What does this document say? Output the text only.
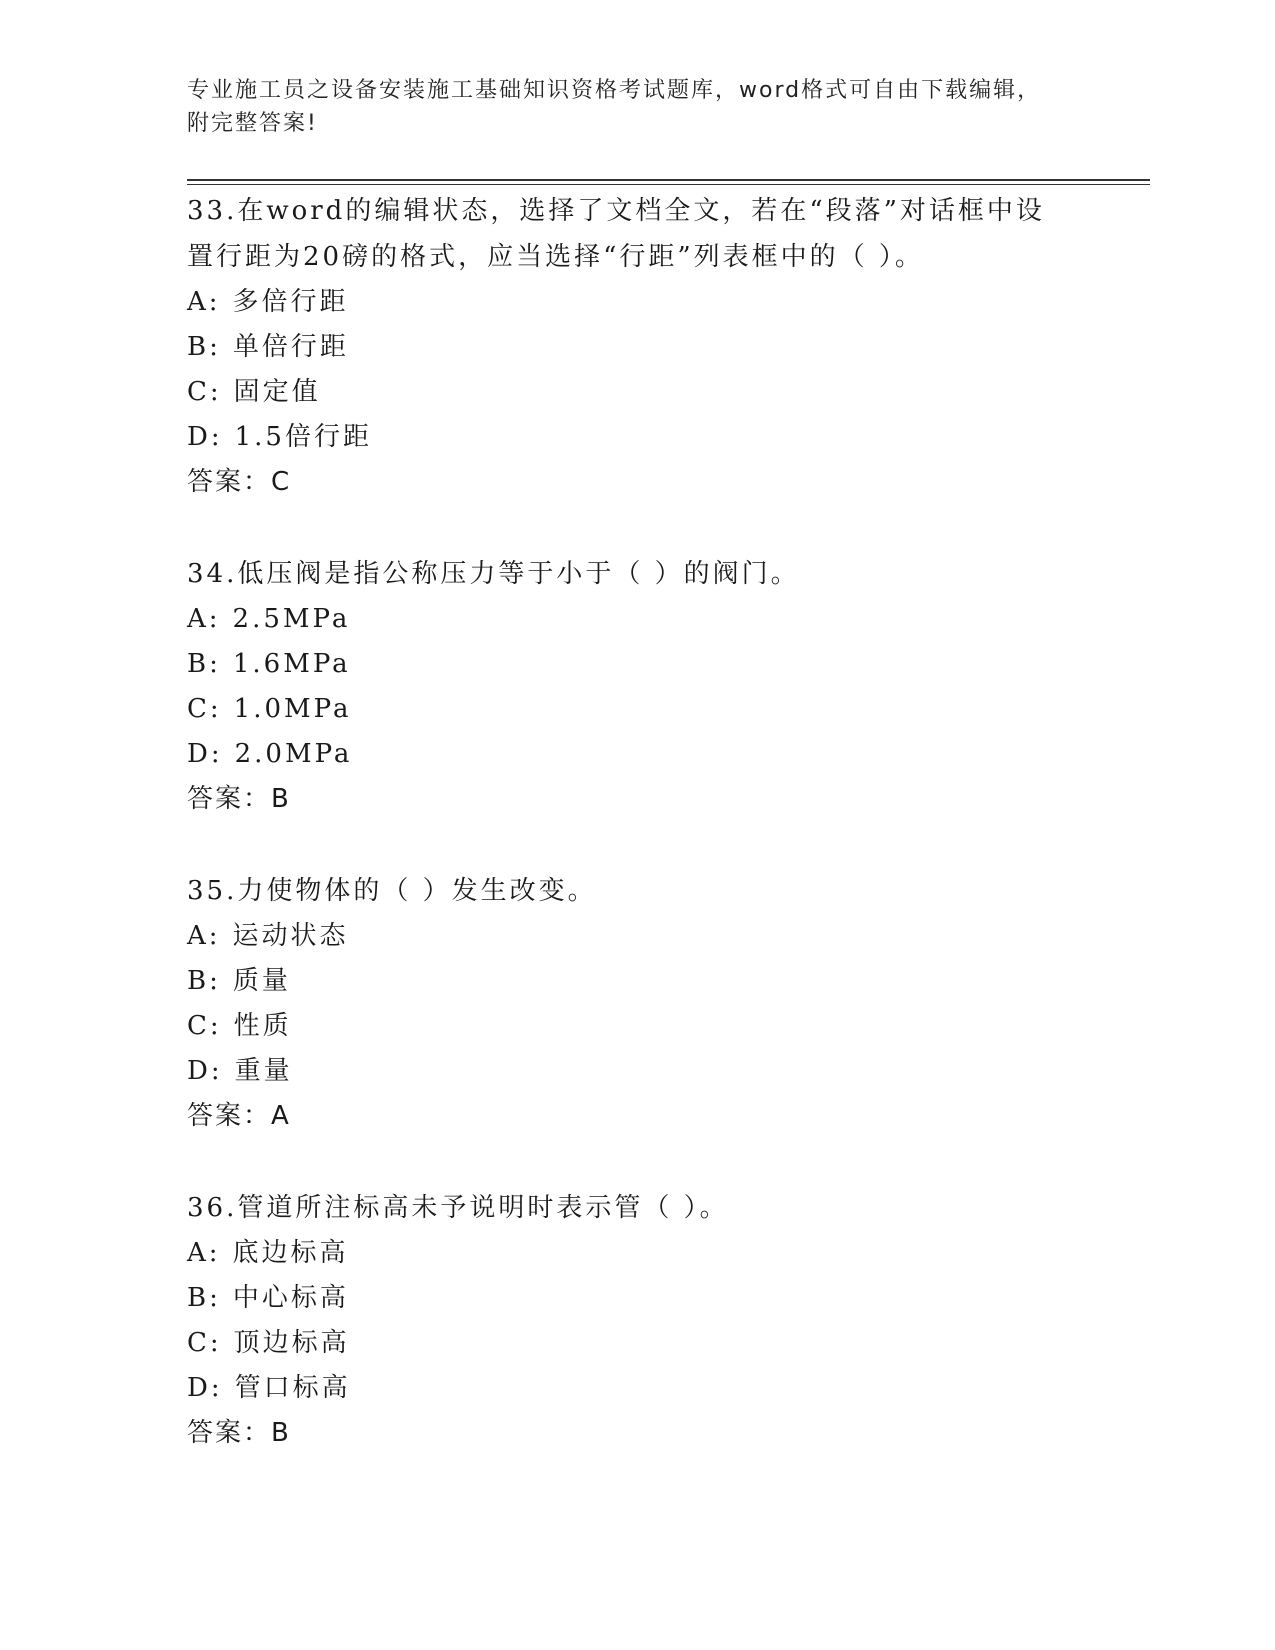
专业施工员之设备安装施工基础知识资格考试题库，word格式可自由下载编辑，
附完整答案!
33.在word的编辑状态，选择了文档全文，若在“段落”对话框中设
置行距为20磅的格式，应当选择“行距”列表框中的（ ）。
A: 多倍行距
B: 单倍行距
C: 固定值
D: 1.5倍行距
答案：C
34.低压阀是指公称压力等于小于（ ）的阀门。
A: 2.5MPa
B: 1.6MPa
C: 1.0MPa
D: 2.0MPa
答案：B
35.力使物体的（ ）发生改变。
A: 运动状态
B: 质量
C: 性质
D: 重量
答案：A
36.管道所注标高未予说明时表示管（ ）。
A: 底边标高
B: 中心标高
C: 顶边标高
D: 管口标高
答案：B
